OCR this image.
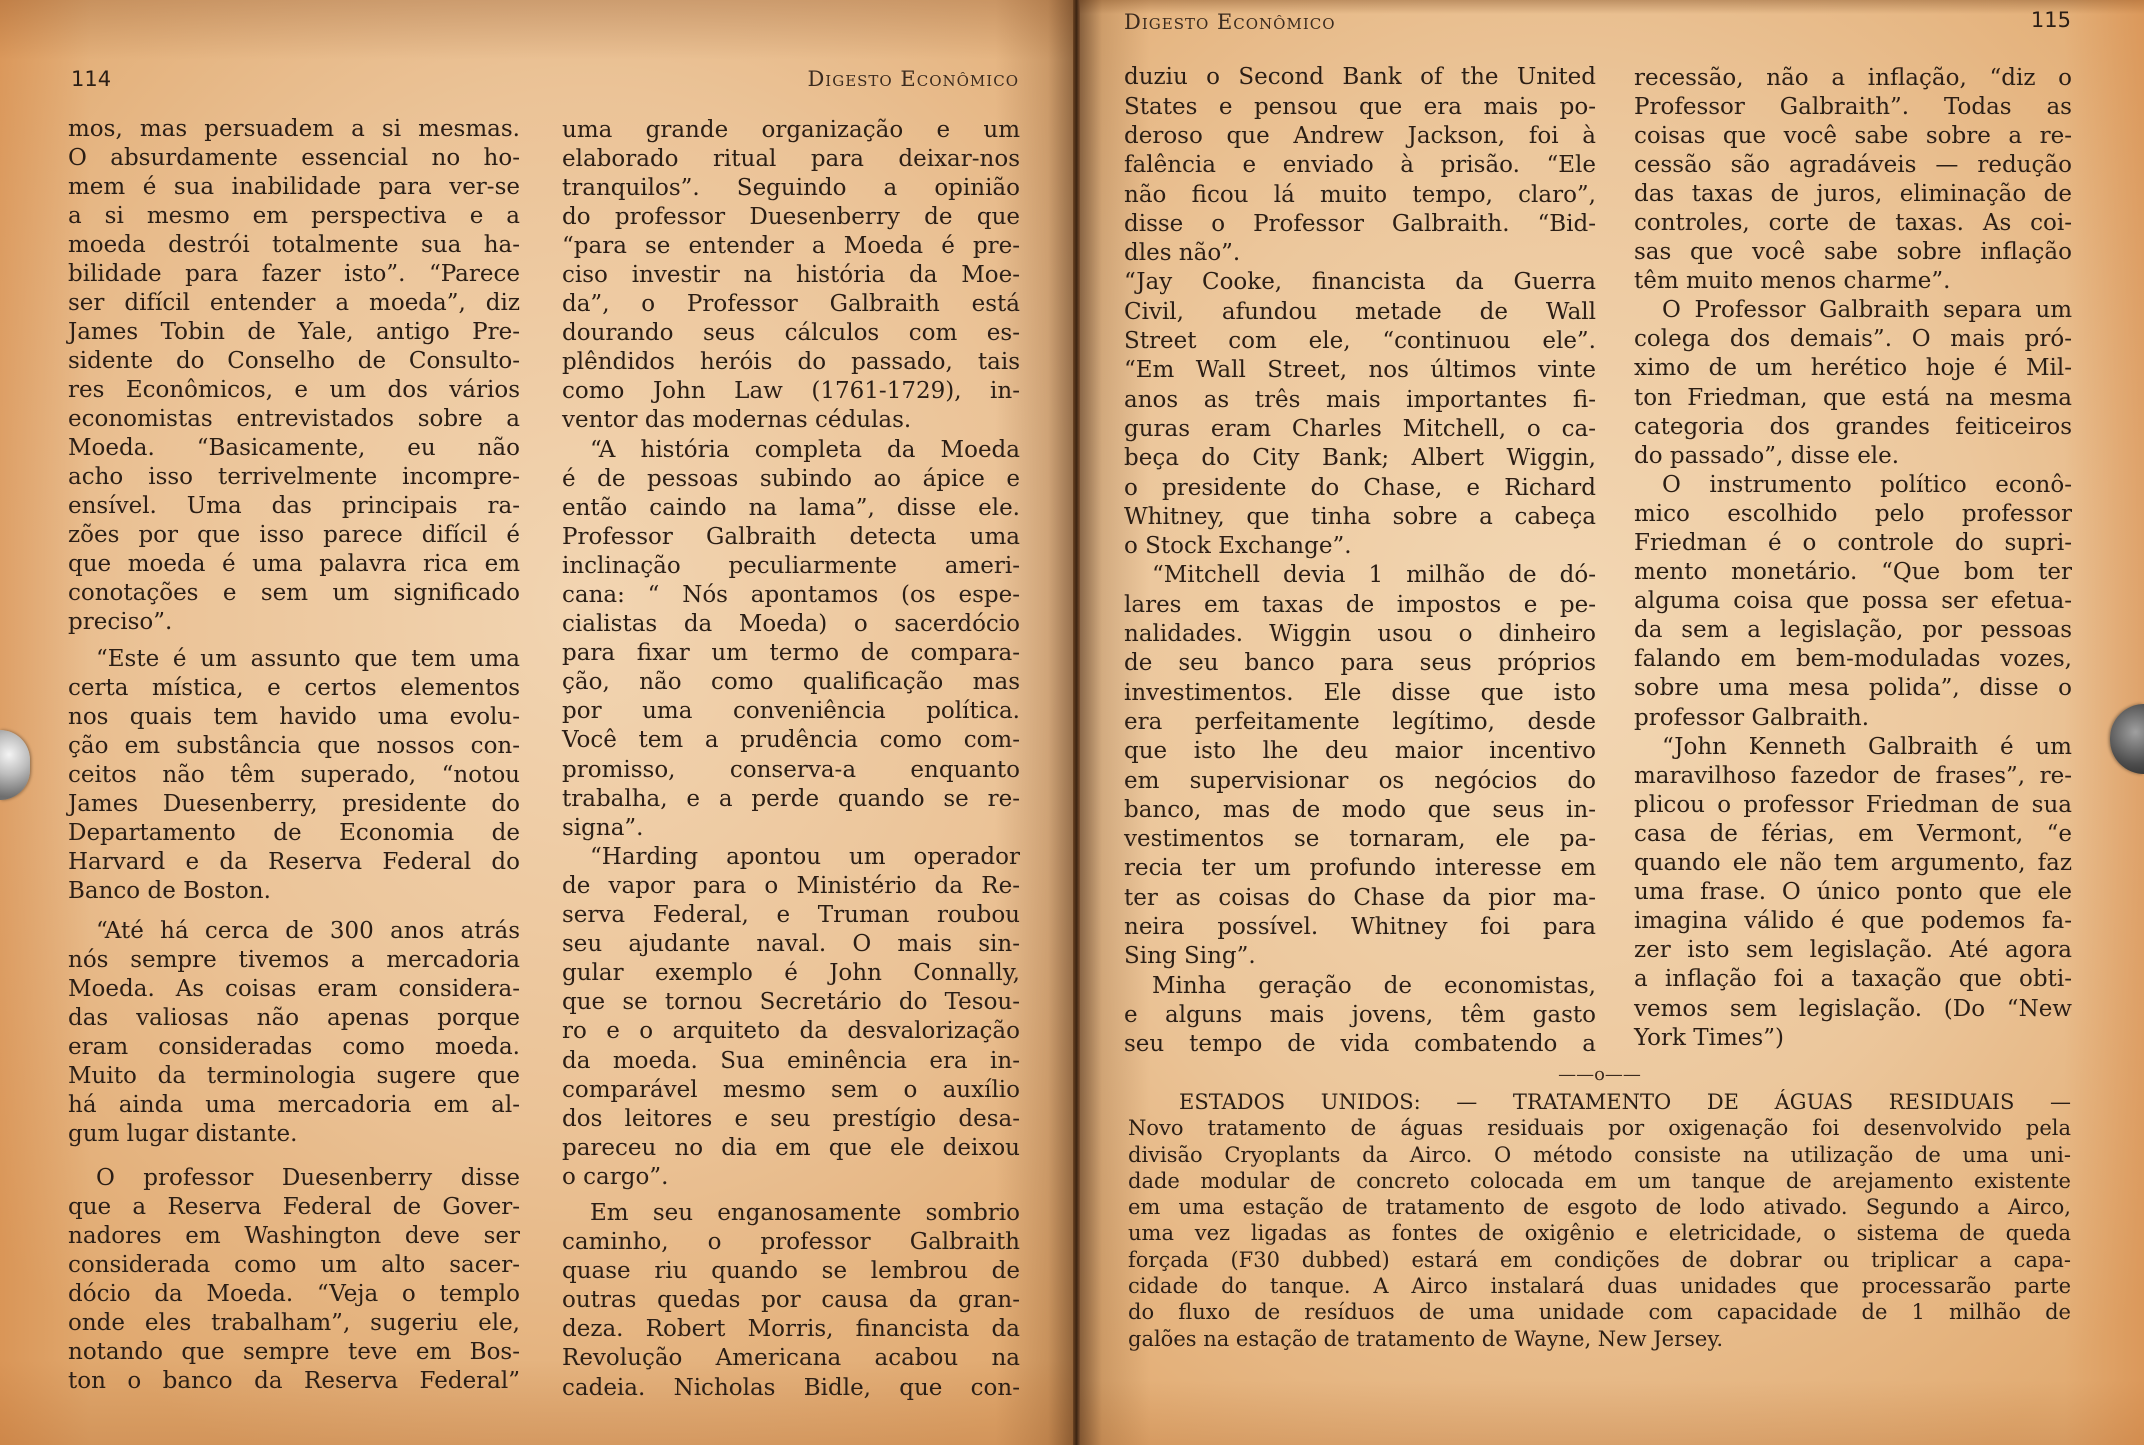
114	Digesto Econômico
mos, mas persuadem a si mesmas.
O absurdamente essencial no ho-
mem é sua inabilidade para ver-se
a si mesmo em perspectiva e a
moeda destrói totalmente sua ha-
bilidade para fazer isto”. “Parece
ser difícil entender a moeda”, diz
James Tobin de Yale, antigo Pre-
sidente do Conselho de Consulto-
res Econômicos, e um dos vários
economistas entrevistados sobre a
Moeda. “Basicamente, eu não
acho isso terrivelmente incompre-
ensível. Uma das principais ra-
zões por que isso parece difícil é
que moeda é uma palavra rica em
conotações e sem um significado
preciso”.
“Este é um assunto que tem uma
certa mística, e certos elementos
nos quais tem havido uma evolu-
ção em substância que nossos con-
ceitos não têm superado, “notou
James Duesenberry, presidente do
Departamento de Economia de
Harvard e da Reserva Federal do
Banco de Boston.
“Até há cerca de 300 anos atrás
nós sempre tivemos a mercadoria
Moeda. As coisas eram considera-
das valiosas não apenas porque
eram consideradas como moeda.
Muito da terminologia sugere que
há ainda uma mercadoria em al-
gum lugar distante.
O professor Duesenberry disse
que a Reserva Federal de Gover-
nadores em Washington deve ser
considerada como um alto sacer-
dócio da Moeda. “Veja o templo
onde eles trabalham”, sugeriu ele,
notando que sempre teve em Bos-
ton o banco da Reserva Federal”
uma grande organização e um
elaborado ritual para deixar-nos
tranquilos”. Seguindo a opinião
do professor Duesenberry de que
“para se entender a Moeda é pre-
ciso investir na história da Moe-
da”, o Professor Galbraith está
dourando seus cálculos com es-
plêndidos heróis do passado, tais
como John Law (1761-1729), in-
ventor das modernas cédulas.
“A história completa da Moeda
é de pessoas subindo ao ápice e
então caindo na lama”, disse ele.
Professor Galbraith detecta uma
inclinação peculiarmente ameri-
cana: “ Nós apontamos (os espe-
cialistas da Moeda) o sacerdócio
para fixar um termo de compara-
ção, não como qualificação mas
por uma conveniência política.
Você tem a prudência como com-
promisso, conserva-a enquanto
trabalha, e a perde quando se re-
signa”.
“Harding apontou um operador
de vapor para o Ministério da Re-
serva Federal, e Truman roubou
seu ajudante naval. O mais sin-
gular exemplo é John Connally,
que se tornou Secretário do Tesou-
ro e o arquiteto da desvalorização
da moeda. Sua eminência era in-
comparável mesmo sem o auxílio
dos leitores e seu prestígio desa-
pareceu no dia em que ele deixou
o cargo”.
Em seu enganosamente sombrio
caminho, o professor Galbraith
quase riu quando se lembrou de
outras quedas por causa da gran-
deza. Robert Morris, financista da
Revolução Americana acabou na
cadeia. Nicholas Bidle, que con-
Digesto Econômico	115
duziu o Second Bank of the United
States e pensou que era mais po-
deroso que Andrew Jackson, foi à
falência e enviado à prisão. “Ele
não ficou lá muito tempo, claro”,
disse o Professor Galbraith. “Bid-
dles não”.
“Jay Cooke, financista da Guerra
Civil, afundou metade de Wall
Street com ele, “continuou ele”.
“Em Wall Street, nos últimos vinte
anos as três mais importantes fi-
guras eram Charles Mitchell, o ca-
beça do City Bank; Albert Wiggin,
o presidente do Chase, e Richard
Whitney, que tinha sobre a cabeça
o Stock Exchange”.
“Mitchell devia 1 milhão de dó-
lares em taxas de impostos e pe-
nalidades. Wiggin usou o dinheiro
de seu banco para seus próprios
investimentos. Ele disse que isto
era perfeitamente legítimo, desde
que isto lhe deu maior incentivo
em supervisionar os negócios do
banco, mas de modo que seus in-
vestimentos se tornaram, ele pa-
recia ter um profundo interesse em
ter as coisas do Chase da pior ma-
neira possível. Whitney foi para
Sing Sing”.
Minha geração de economistas,
e alguns mais jovens, têm gasto
seu tempo de vida combatendo a
recessão, não a inflação, “diz o
Professor Galbraith”. Todas as
coisas que você sabe sobre a re-
cessão são agradáveis — redução
das taxas de juros, eliminação de
controles, corte de taxas. As coi-
sas que você sabe sobre inflação
têm muito menos charme”.
O Professor Galbraith separa um
colega dos demais”. O mais pró-
ximo de um herético hoje é Mil-
ton Friedman, que está na mesma
categoria dos grandes feiticeiros
do passado”, disse ele.
O instrumento político econô-
mico escolhido pelo professor
Friedman é o controle do supri-
mento monetário. “Que bom ter
alguma coisa que possa ser efetua-
da sem a legislação, por pessoas
falando em bem-moduladas vozes,
sobre uma mesa polida”, disse o
professor Galbraith.
“John Kenneth Galbraith é um
maravilhoso fazedor de frases”, re-
plicou o professor Friedman de sua
casa de férias, em Vermont, “e
quando ele não tem argumento, faz
uma frase. O único ponto que ele
imagina válido é que podemos fa-
zer isto sem legislação. Até agora
a inflação foi a taxação que obti-
vemos sem legislação. (Do “New
York Times”)
——o——
ESTADOS UNIDOS: — TRATAMENTO DE ÁGUAS RESIDUAIS —
Novo tratamento de águas residuais por oxigenação foi desenvolvido pela
divisão Cryoplants da Airco. O método consiste na utilização de uma uni-
dade modular de concreto colocada em um tanque de arejamento existente
em uma estação de tratamento de esgoto de lodo ativado. Segundo a Airco,
uma vez ligadas as fontes de oxigênio e eletricidade, o sistema de queda
forçada (F30 dubbed) estará em condições de dobrar ou triplicar a capa-
cidade do tanque. A Airco instalará duas unidades que processarão parte
do fluxo de resíduos de uma unidade com capacidade de 1 milhão de
galões na estação de tratamento de Wayne, New Jersey.
